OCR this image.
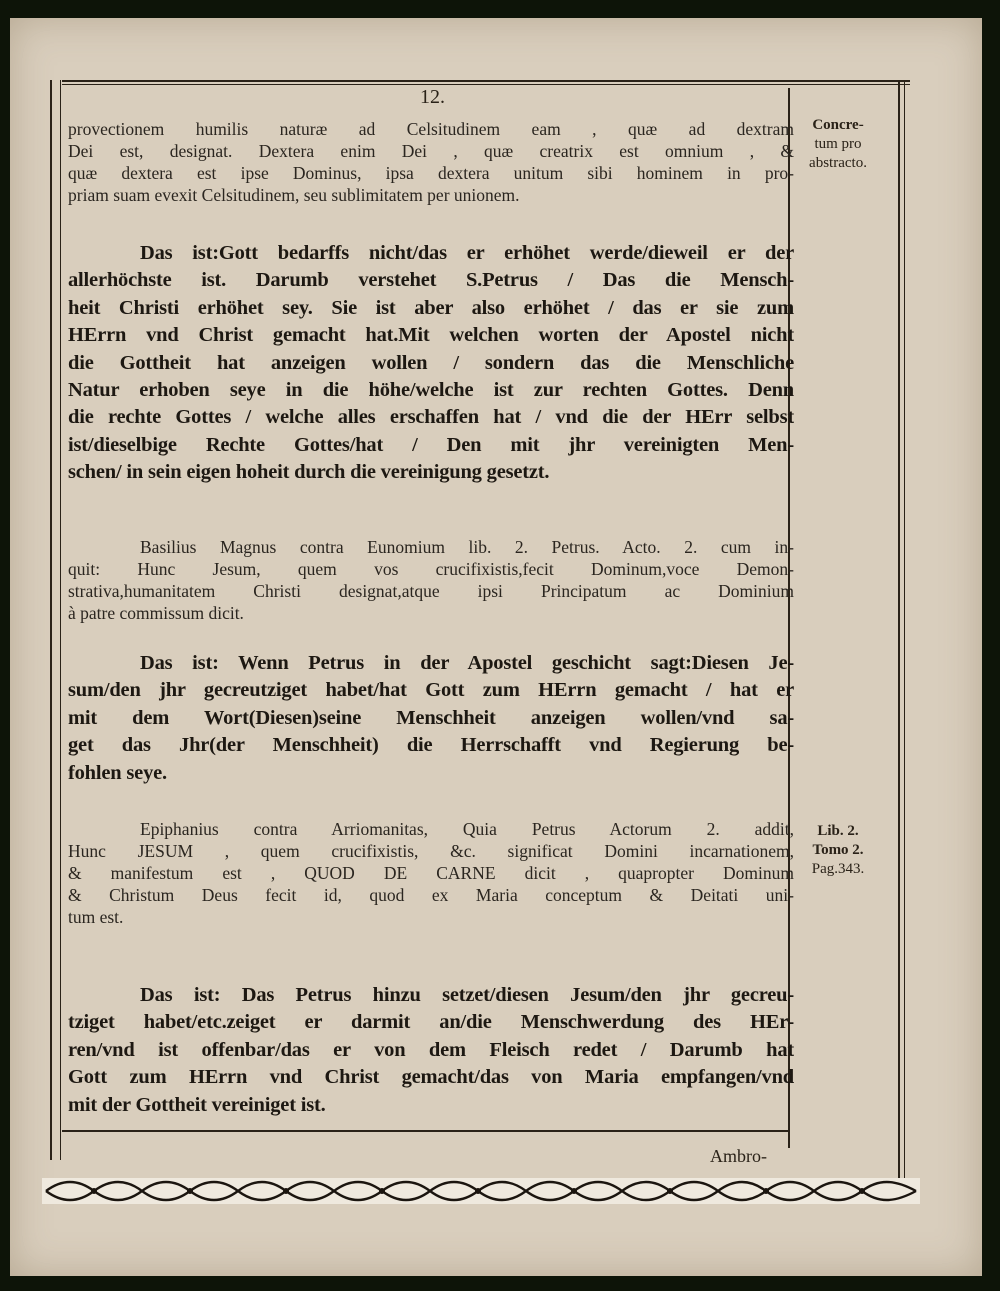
12.
provectionem humilis naturæ ad Celsitudinem eam , quæ ad dextram
Dei est, designat. Dextera enim Dei , quæ creatrix est omnium , &
quæ dextera est ipse Dominus, ipsa dextera unitum sibi hominem in pro-
priam suam evexit Celsitudinem, seu sublimitatem per unionem.
Das ist:Gott bedarffs nicht/das er erhöhet werde/dieweil er der
allerhöchste ist. Darumb verstehet S.Petrus / Das die Mensch-
heit Christi erhöhet sey. Sie ist aber also erhöhet / das er sie zum
HErrn vnd Christ gemacht hat.Mit welchen worten der Apostel nicht
die Gottheit hat anzeigen wollen / sondern das die Menschliche
Natur erhoben seye in die höhe/welche ist zur rechten Gottes. Denn
die rechte Gottes / welche alles erschaffen hat / vnd die der HErr selbst
ist/dieselbige Rechte Gottes/hat / Den mit jhr vereinigten Men-
schen/ in sein eigen hoheit durch die vereinigung gesetzt.
Basilius Magnus contra Eunomium lib. 2. Petrus. Acto. 2. cum in-
quit: Hunc Jesum, quem vos crucifixistis,fecit Dominum,voce Demon-
strativa,humanitatem Christi designat,atque ipsi Principatum ac Dominium
à patre commissum dicit.
Das ist: Wenn Petrus in der Apostel geschicht sagt:Diesen Je-
sum/den jhr gecreutziget habet/hat Gott zum HErrn gemacht / hat er
mit dem Wort(Diesen)seine Menschheit anzeigen wollen/vnd sa-
get das Jhr(der Menschheit) die Herrschafft vnd Regierung be-
fohlen seye.
Epiphanius contra Arriomanitas, Quia Petrus Actorum 2. addit,
Hunc JESUM , quem crucifixistis, &c. significat Domini incarnationem,
& manifestum est , QUOD DE CARNE dicit , quapropter Dominum
& Christum Deus fecit id, quod ex Maria conceptum & Deitati uni-
tum est.
Das ist: Das Petrus hinzu setzet/diesen Jesum/den jhr gecreu-
tziget habet/etc.zeiget er darmit an/die Menschwerdung des HEr-
ren/vnd ist offenbar/das er von dem Fleisch redet / Darumb hat
Gott zum HErrn vnd Christ gemacht/das von Maria empfangen/vnd
mit der Gottheit vereiniget ist.
Concre-
tum pro
abstracto.
Lib. 2.
Tomo 2.
Pag.343.
Ambro-
